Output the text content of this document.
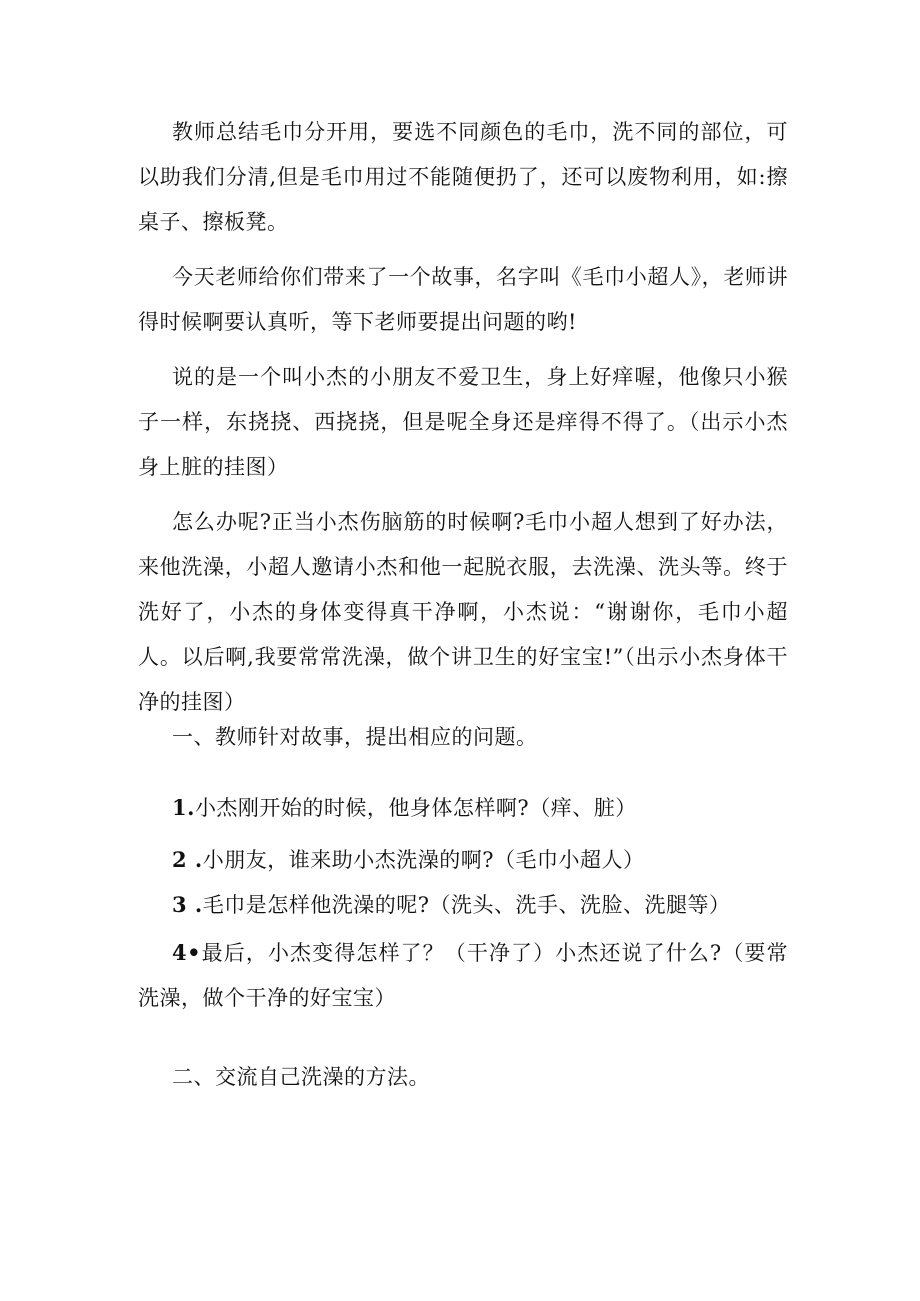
教师总结毛巾分开用，要选不同颜色的毛巾，洗不同的部位，可以助我们分清,但是毛巾用过不能随便扔了，还可以废物利用，如:擦桌子、擦板凳。

今天老师给你们带来了一个故事，名字叫《毛巾小超人》，老师讲得时候啊要认真听，等下老师要提出问题的哟!

说的是一个叫小杰的小朋友不爱卫生，身上好痒喔，他像只小猴子一样，东挠挠、西挠挠，但是呢全身还是痒得不得了。（出示小杰身上脏的挂图）

怎么办呢?正当小杰伤脑筋的时候啊?毛巾小超人想到了好办法，来他洗澡，小超人邀请小杰和他一起脱衣服，去洗澡、洗头等。终于洗好了，小杰的身体变得真干净啊，小杰说：“谢谢你，毛巾小超人。以后啊,我要常常洗澡，做个讲卫生的好宝宝!”（出示小杰身体干净的挂图）

一、教师针对故事，提出相应的问题。

1.小杰刚开始的时候，他身体怎样啊?（痒、脏）

2 .小朋友，谁来助小杰洗澡的啊?（毛巾小超人）

3 .毛巾是怎样他洗澡的呢?（洗头、洗手、洗脸、洗腿等）

4•最后，小杰变得怎样了？（干净了）小杰还说了什么?（要常洗澡，做个干净的好宝宝）

二、交流自己洗澡的方法。
